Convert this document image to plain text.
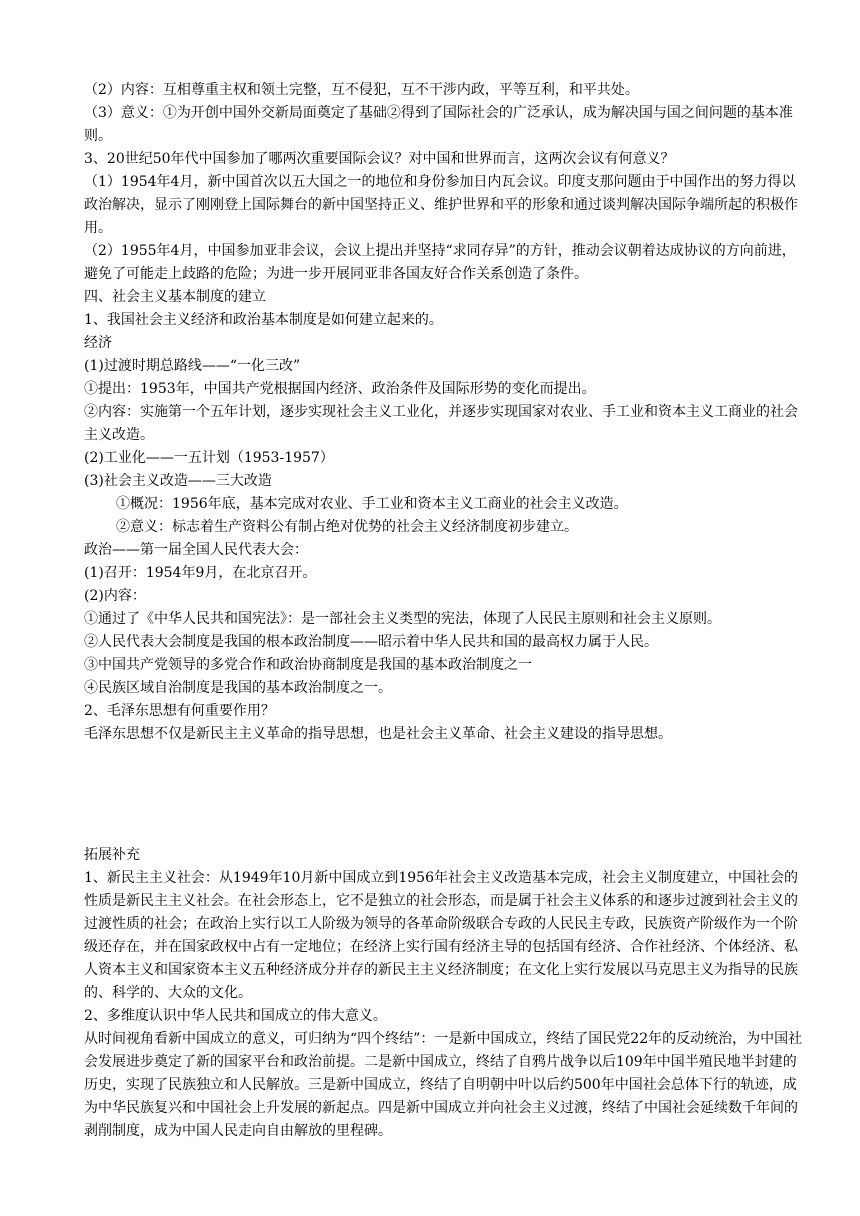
（2）内容：互相尊重主权和领土完整，互不侵犯，互不干涉内政，平等互利，和平共处。

（3）意义：①为开创中国外交新局面奠定了基础②得到了国际社会的广泛承认，成为解决国与国之间问题的基本准则。

3、20世纪50年代中国参加了哪两次重要国际会议？对中国和世界而言，这两次会议有何意义？

（1）1954年4月，新中国首次以五大国之一的地位和身份参加日内瓦会议。印度支那问题由于中国作出的努力得以政治解决，显示了刚刚登上国际舞台的新中国坚持正义、维护世界和平的形象和通过谈判解决国际争端所起的积极作用。

（2）1955年4月，中国参加亚非会议，会议上提出并坚持“求同存异”的方针，推动会议朝着达成协议的方向前进，避免了可能走上歧路的危险；为进一步开展同亚非各国友好合作关系创造了条件。

四、社会主义基本制度的建立

1、我国社会主义经济和政治基本制度是如何建立起来的。

经济

(1)过渡时期总路线——“一化三改”

①提出：1953年，中国共产党根据国内经济、政治条件及国际形势的变化而提出。

②内容：实施第一个五年计划，逐步实现社会主义工业化，并逐步实现国家对农业、手工业和资本主义工商业的社会主义改造。

(2)工业化——一五计划（1953-1957）

(3)社会主义改造——三大改造

①概况：1956年底，基本完成对农业、手工业和资本主义工商业的社会主义改造。

②意义：标志着生产资料公有制占绝对优势的社会主义经济制度初步建立。

政治——第一届全国人民代表大会：

(1)召开：1954年9月，在北京召开。

(2)内容：

①通过了《中华人民共和国宪法》：是一部社会主义类型的宪法，体现了人民民主原则和社会主义原则。

②人民代表大会制度是我国的根本政治制度——昭示着中华人民共和国的最高权力属于人民。

③中国共产党领导的多党合作和政治协商制度是我国的基本政治制度之一

④民族区域自治制度是我国的基本政治制度之一。

2、毛泽东思想有何重要作用？

毛泽东思想不仅是新民主主义革命的指导思想，也是社会主义革命、社会主义建设的指导思想。

拓展补充

1、新民主主义社会：从1949年10月新中国成立到1956年社会主义改造基本完成，社会主义制度建立，中国社会的性质是新民主主义社会。在社会形态上，它不是独立的社会形态，而是属于社会主义体系的和逐步过渡到社会主义的过渡性质的社会；在政治上实行以工人阶级为领导的各革命阶级联合专政的人民民主专政，民族资产阶级作为一个阶级还存在，并在国家政权中占有一定地位；在经济上实行国有经济主导的包括国有经济、合作社经济、个体经济、私人资本主义和国家资本主义五种经济成分并存的新民主主义经济制度；在文化上实行发展以马克思主义为指导的民族的、科学的、大众的文化。

2、多维度认识中华人民共和国成立的伟大意义。

从时间视角看新中国成立的意义，可归纳为“四个终结”：一是新中国成立，终结了国民党22年的反动统治，为中国社会发展进步奠定了新的国家平台和政治前提。二是新中国成立，终结了自鸦片战争以后109年中国半殖民地半封建的历史，实现了民族独立和人民解放。三是新中国成立，终结了自明朝中叶以后约500年中国社会总体下行的轨迹，成为中华民族复兴和中国社会上升发展的新起点。四是新中国成立并向社会主义过渡，终结了中国社会延续数千年间的剥削制度，成为中国人民走向自由解放的里程碑。
